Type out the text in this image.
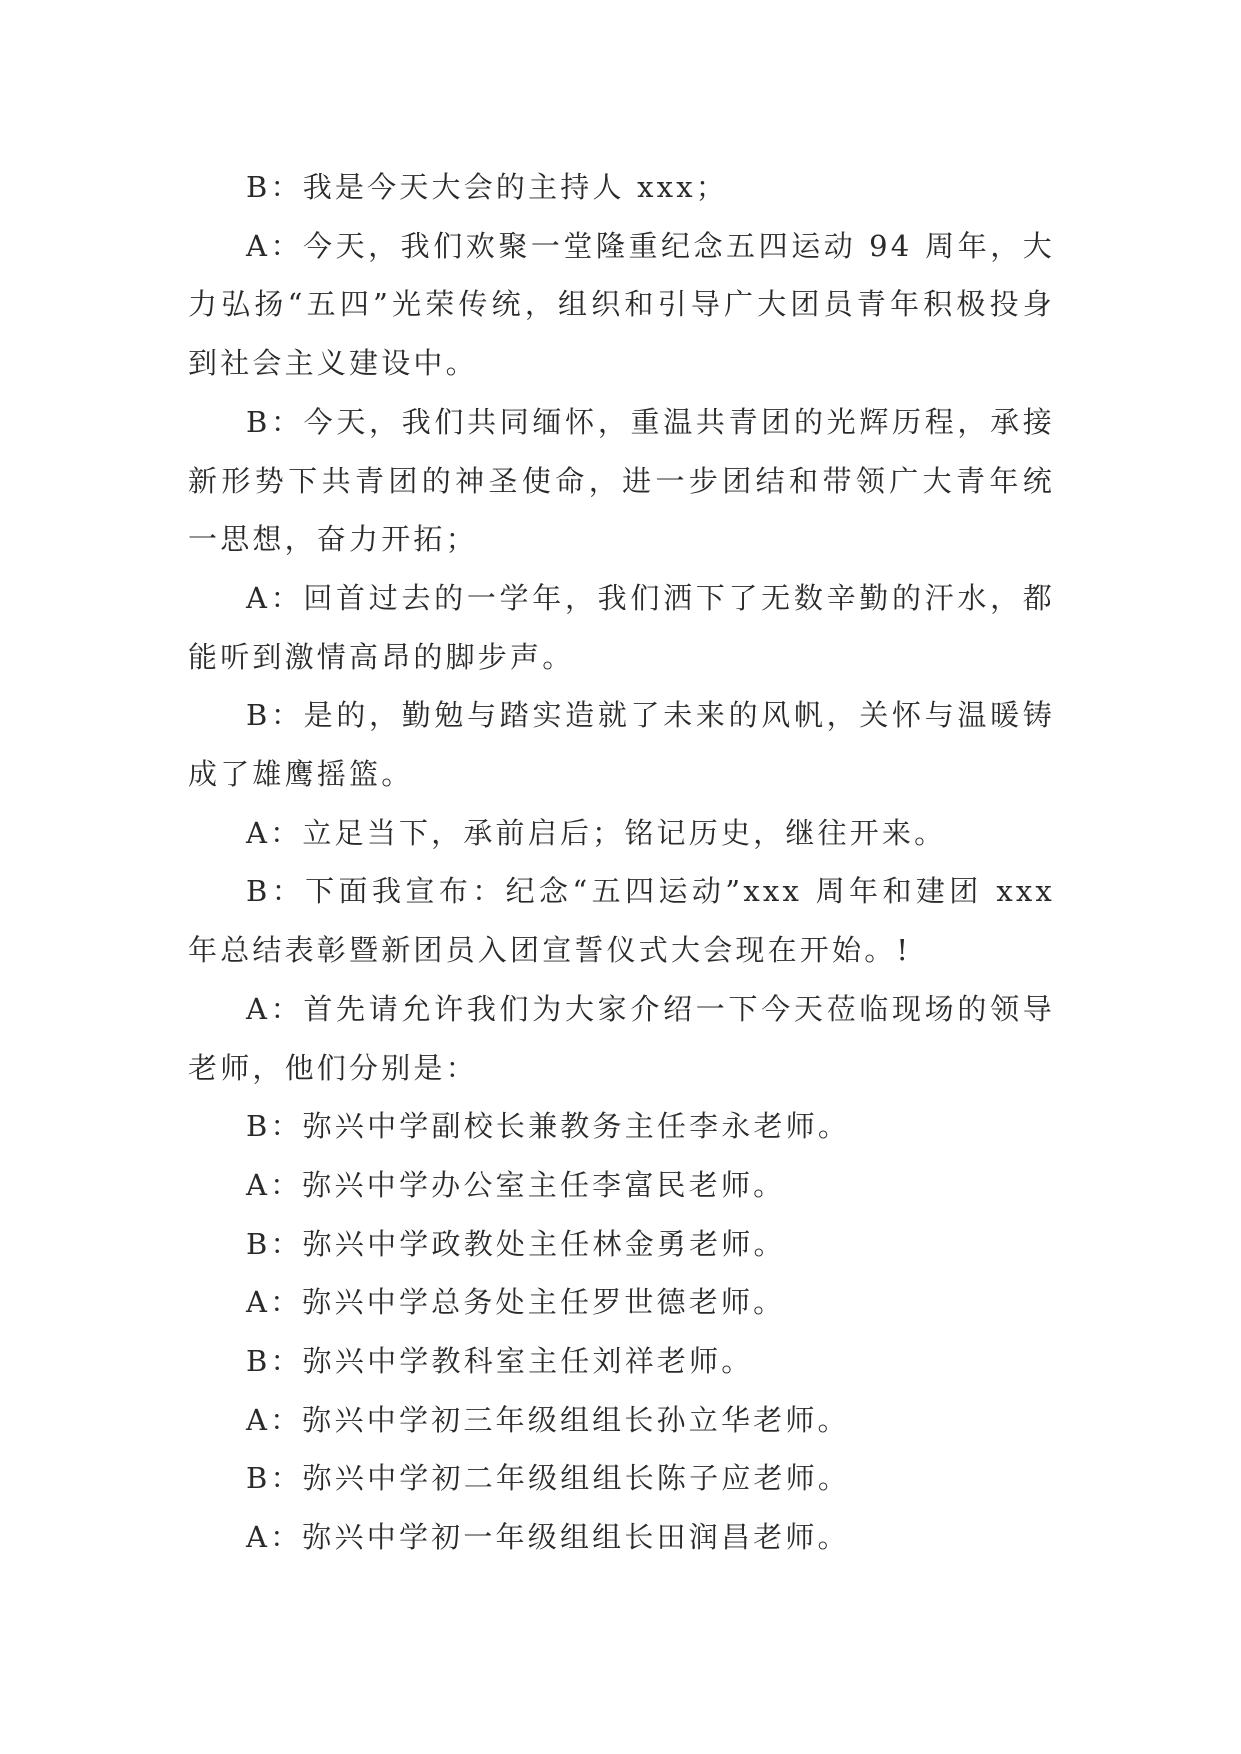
B：我是今天大会的主持人 xxx；

A：今天，我们欢聚一堂隆重纪念五四运动 94 周年，大力弘扬“五四”光荣传统，组织和引导广大团员青年积极投身到社会主义建设中。

B：今天，我们共同缅怀，重温共青团的光辉历程，承接新形势下共青团的神圣使命，进一步团结和带领广大青年统一思想，奋力开拓；

A：回首过去的一学年，我们洒下了无数辛勤的汗水，都能听到激情高昂的脚步声。

B：是的，勤勉与踏实造就了未来的风帆，关怀与温暖铸成了雄鹰摇篮。

A：立足当下，承前启后；铭记历史，继往开来。

B：下面我宣布：纪念“五四运动”xxx 周年和建团 xxx 年总结表彰暨新团员入团宣誓仪式大会现在开始。!

A：首先请允许我们为大家介绍一下今天莅临现场的领导老师，他们分别是：

B：弥兴中学副校长兼教务主任李永老师。

A：弥兴中学办公室主任李富民老师。

B：弥兴中学政教处主任林金勇老师。

A：弥兴中学总务处主任罗世德老师。

B：弥兴中学教科室主任刘祥老师。

A：弥兴中学初三年级组组长孙立华老师。

B：弥兴中学初二年级组组长陈子应老师。

A：弥兴中学初一年级组组长田润昌老师。
